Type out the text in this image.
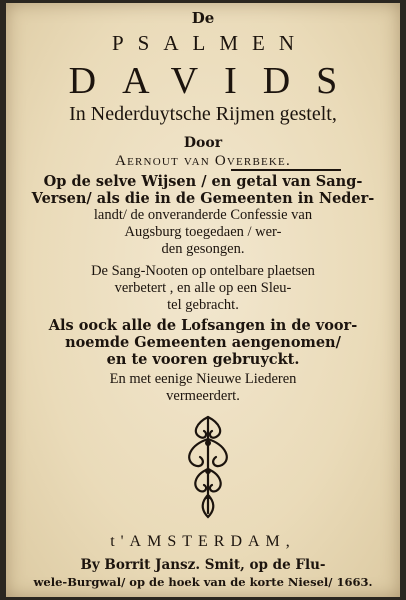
De
PSALMEN
DAVIDS
In Nederduytsche Rijmen gestelt,
Door
Aernout van Overbeke.
Op de selve Wijsen / en getal van Sang-
Versen/ als die in de Gemeenten in Neder-
landt/ de onveranderde Confessie van
Augsburg toegedaen / wer-
den gesongen.
De Sang-Nooten op ontelbare plaetsen
verbetert , en alle op een Sleu-
tel gebracht.
Als oock alle de Lofsangen in de voor-
noemde Gemeenten aengenomen/
en te vooren gebruyckt.
En met eenige Nieuwe Liederen
vermeerdert.
t'AMSTERDAM,
By Borrit Jansz. Smit, op de Flu-
wele-Burgwal/ op de hoek van de korte Niesel/ 1663.
